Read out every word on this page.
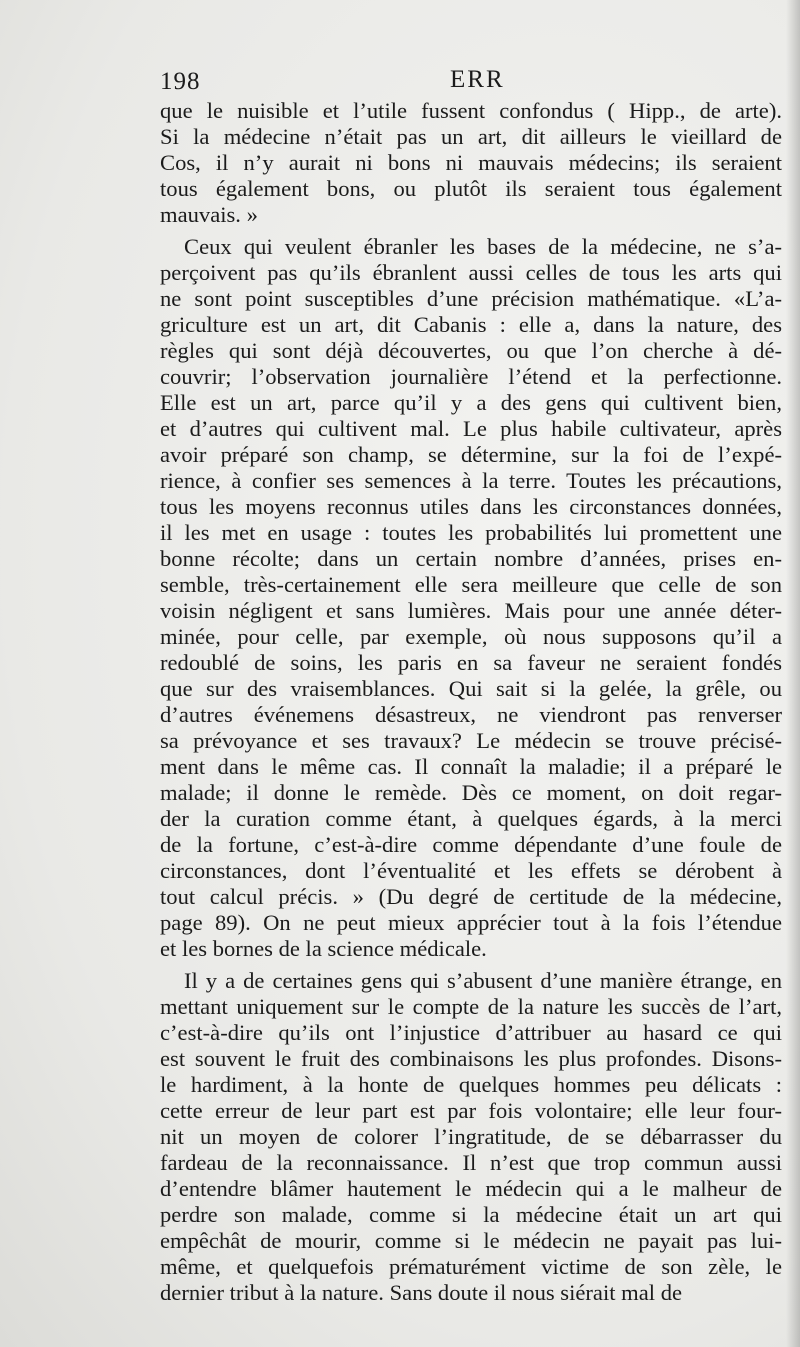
198	ERR
que le nuisible et l’utile fussent confondus ( Hipp., de arte).
Si la médecine n’était pas un art, dit ailleurs le vieillard de
Cos, il n’y aurait ni bons ni mauvais médecins; ils seraient
tous également bons, ou plutôt ils seraient tous également
mauvais. »
Ceux qui veulent ébranler les bases de la médecine, ne s’a-
perçoivent pas qu’ils ébranlent aussi celles de tous les arts qui
ne sont point susceptibles d’une précision mathématique. «L’a-
griculture est un art, dit Cabanis : elle a, dans la nature, des
règles qui sont déjà découvertes, ou que l’on cherche à dé-
couvrir; l’observation journalière l’étend et la perfectionne.
Elle est un art, parce qu’il y a des gens qui cultivent bien,
et d’autres qui cultivent mal. Le plus habile cultivateur, après
avoir préparé son champ, se détermine, sur la foi de l’expé-
rience, à confier ses semences à la terre. Toutes les précautions,
tous les moyens reconnus utiles dans les circonstances données,
il les met en usage : toutes les probabilités lui promettent une
bonne récolte; dans un certain nombre d’années, prises en-
semble, très-certainement elle sera meilleure que celle de son
voisin négligent et sans lumières. Mais pour une année déter-
minée, pour celle, par exemple, où nous supposons qu’il a
redoublé de soins, les paris en sa faveur ne seraient fondés
que sur des vraisemblances. Qui sait si la gelée, la grêle, ou
d’autres événemens désastreux, ne viendront pas renverser
sa prévoyance et ses travaux? Le médecin se trouve précisé-
ment dans le même cas. Il connaît la maladie; il a préparé le
malade; il donne le remède. Dès ce moment, on doit regar-
der la curation comme étant, à quelques égards, à la merci
de la fortune, c’est-à-dire comme dépendante d’une foule de
circonstances, dont l’éventualité et les effets se dérobent à
tout calcul précis. » (Du degré de certitude de la médecine,
page 89). On ne peut mieux apprécier tout à la fois l’étendue
et les bornes de la science médicale.
Il y a de certaines gens qui s’abusent d’une manière étrange, en
mettant uniquement sur le compte de la nature les succès de l’art,
c’est-à-dire qu’ils ont l’injustice d’attribuer au hasard ce qui
est souvent le fruit des combinaisons les plus profondes. Disons-
le hardiment, à la honte de quelques hommes peu délicats :
cette erreur de leur part est par fois volontaire; elle leur four-
nit un moyen de colorer l’ingratitude, de se débarrasser du
fardeau de la reconnaissance. Il n’est que trop commun aussi
d’entendre blâmer hautement le médecin qui a le malheur de
perdre son malade, comme si la médecine était un art qui
empêchât de mourir, comme si le médecin ne payait pas lui-
même, et quelquefois prématurément victime de son zèle, le
dernier tribut à la nature. Sans doute il nous siérait mal de
